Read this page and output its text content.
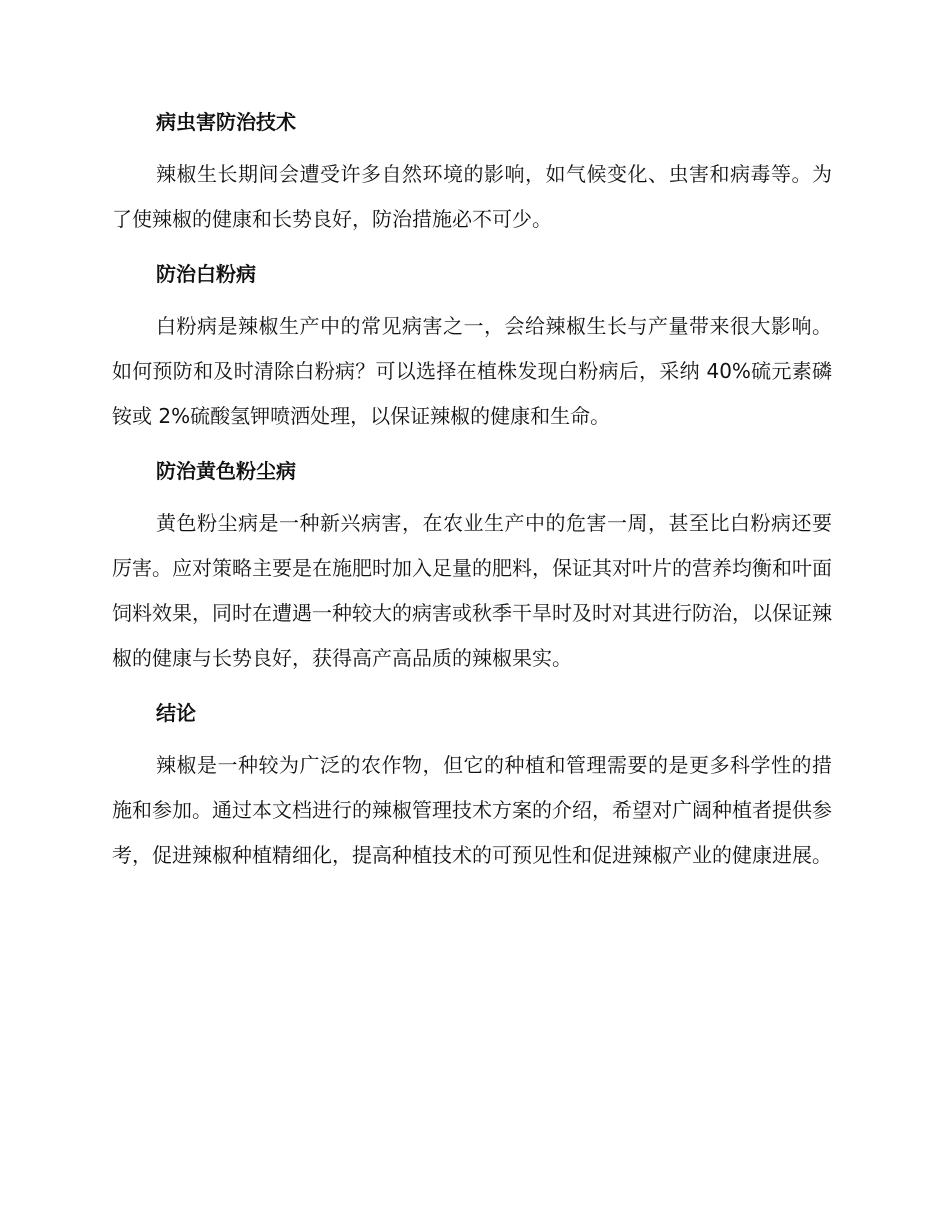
病虫害防治技术

辣椒生长期间会遭受许多自然环境的影响，如气候变化、虫害和病毒等。为了使辣椒的健康和长势良好，防治措施必不可少。

防治白粉病

白粉病是辣椒生产中的常见病害之一，会给辣椒生长与产量带来很大影响。如何预防和及时清除白粉病？可以选择在植株发现白粉病后，采纳 40%硫元素磷铵或 2%硫酸氢钾喷洒处理，以保证辣椒的健康和生命。

防治黄色粉尘病

黄色粉尘病是一种新兴病害，在农业生产中的危害一周，甚至比白粉病还要厉害。应对策略主要是在施肥时加入足量的肥料，保证其对叶片的营养均衡和叶面饲料效果，同时在遭遇一种较大的病害或秋季干旱时及时对其进行防治，以保证辣椒的健康与长势良好，获得高产高品质的辣椒果实。

结论

辣椒是一种较为广泛的农作物，但它的种植和管理需要的是更多科学性的措施和参加。通过本文档进行的辣椒管理技术方案的介绍，希望对广阔种植者提供参考，促进辣椒种植精细化，提高种植技术的可预见性和促进辣椒产业的健康进展。
